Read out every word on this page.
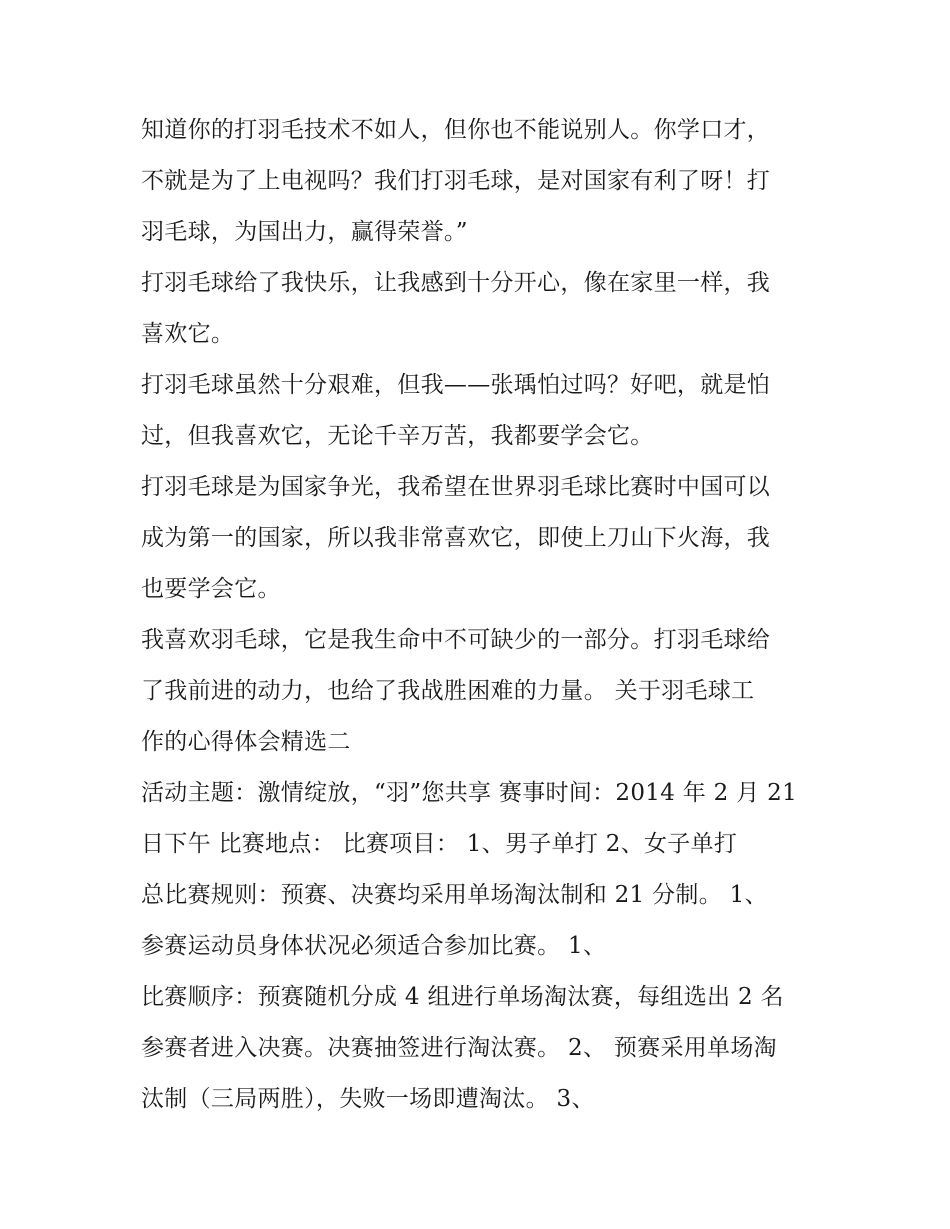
知道你的打羽毛技术不如人，但你也不能说别人。你学口才，
不就是为了上电视吗？我们打羽毛球，是对国家有利了呀！打
羽毛球，为国出力，赢得荣誉。”
打羽毛球给了我快乐，让我感到十分开心，像在家里一样，我
喜欢它。
打羽毛球虽然十分艰难，但我——张瑀怕过吗？好吧，就是怕
过，但我喜欢它，无论千辛万苦，我都要学会它。
打羽毛球是为国家争光，我希望在世界羽毛球比赛时中国可以
成为第一的国家，所以我非常喜欢它，即使上刀山下火海，我
也要学会它。
我喜欢羽毛球，它是我生命中不可缺少的一部分。打羽毛球给
了我前进的动力，也给了我战胜困难的力量。 关于羽毛球工
作的心得体会精选二
活动主题：激情绽放，“羽”您共享 赛事时间：2014 年 2 月 21
日下午 比赛地点： 比赛项目： 1、男子单打 2、女子单打
总比赛规则：预赛、决赛均采用单场淘汰制和 21 分制。 1、
参赛运动员身体状况必须适合参加比赛。 1、
比赛顺序：预赛随机分成 4 组进行单场淘汰赛，每组选出 2 名
参赛者进入决赛。决赛抽签进行淘汰赛。 2、 预赛采用单场淘
汰制（三局两胜），失败一场即遭淘汰。 3、
